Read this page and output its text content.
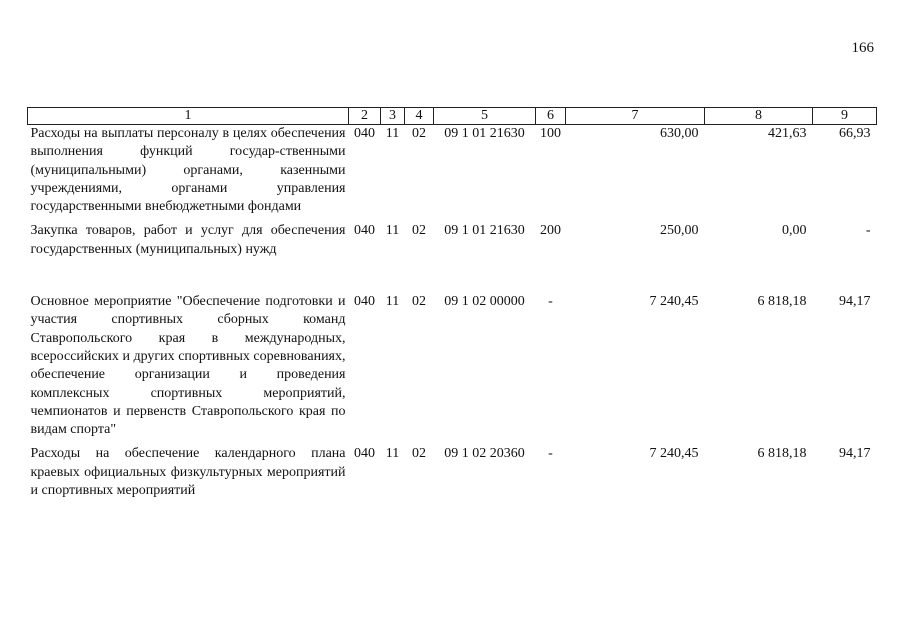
166
1	2	3	4	5	6	7	8	9
Расходы на выплаты персоналу в целях обеспечения выполнения функций государ-ственными (муниципальными) органами, казенными учреждениями, органами управления государственными внебюджетными фондами	040	11	02	09 1 01 21630	100	630,00	421,63	66,93
Закупка товаров, работ и услуг для обеспечения государственных (муниципальных) нужд	040	11	02	09 1 01 21630	200	250,00	0,00	-
Основное мероприятие "Обеспечение подготовки и участия спортивных сборных команд Ставропольского края в международных, всероссийских и других спортивных соревнованиях, обеспечение организации и проведения комплексных спортивных мероприятий, чемпионатов и первенств Ставропольского края по видам спорта"	040	11	02	09 1 02 00000	-	7 240,45	6 818,18	94,17
Расходы на обеспечение календарного плана краевых официальных физкультурных мероприятий и спортивных мероприятий	040	11	02	09 1 02 20360	-	7 240,45	6 818,18	94,17
